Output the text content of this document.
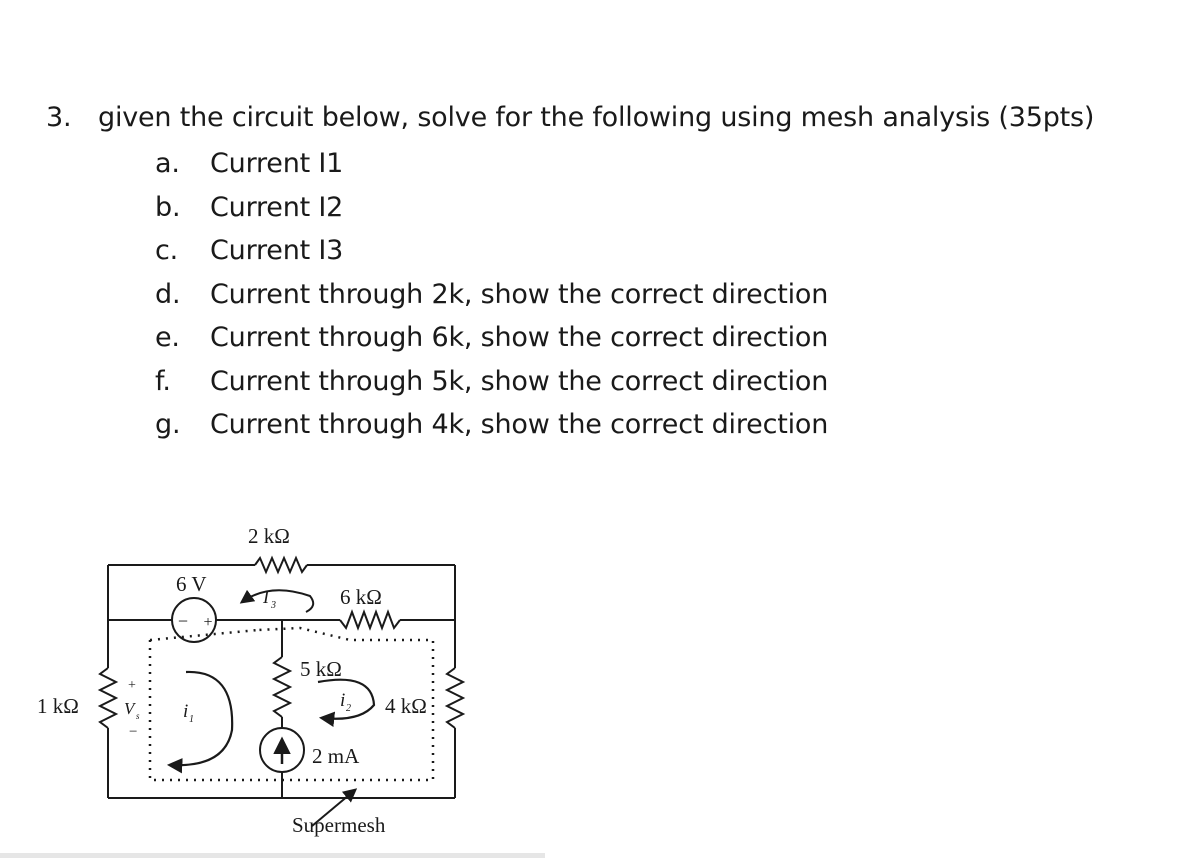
3. given the circuit below, solve for the following using mesh analysis (35pts)
a. Current I1
b. Current I2
c. Current I3
d. Current through 2k, show the correct direction
e. Current through 6k, show the correct direction
f. Current through 5k, show the correct direction
g. Current through 4k, show the correct direction
− +
2 kΩ
6 kΩ
6 V
5 kΩ
4 kΩ
1 kΩ
2 mA
Supermesh
I 3
i 1
i 2
+
V s
−
